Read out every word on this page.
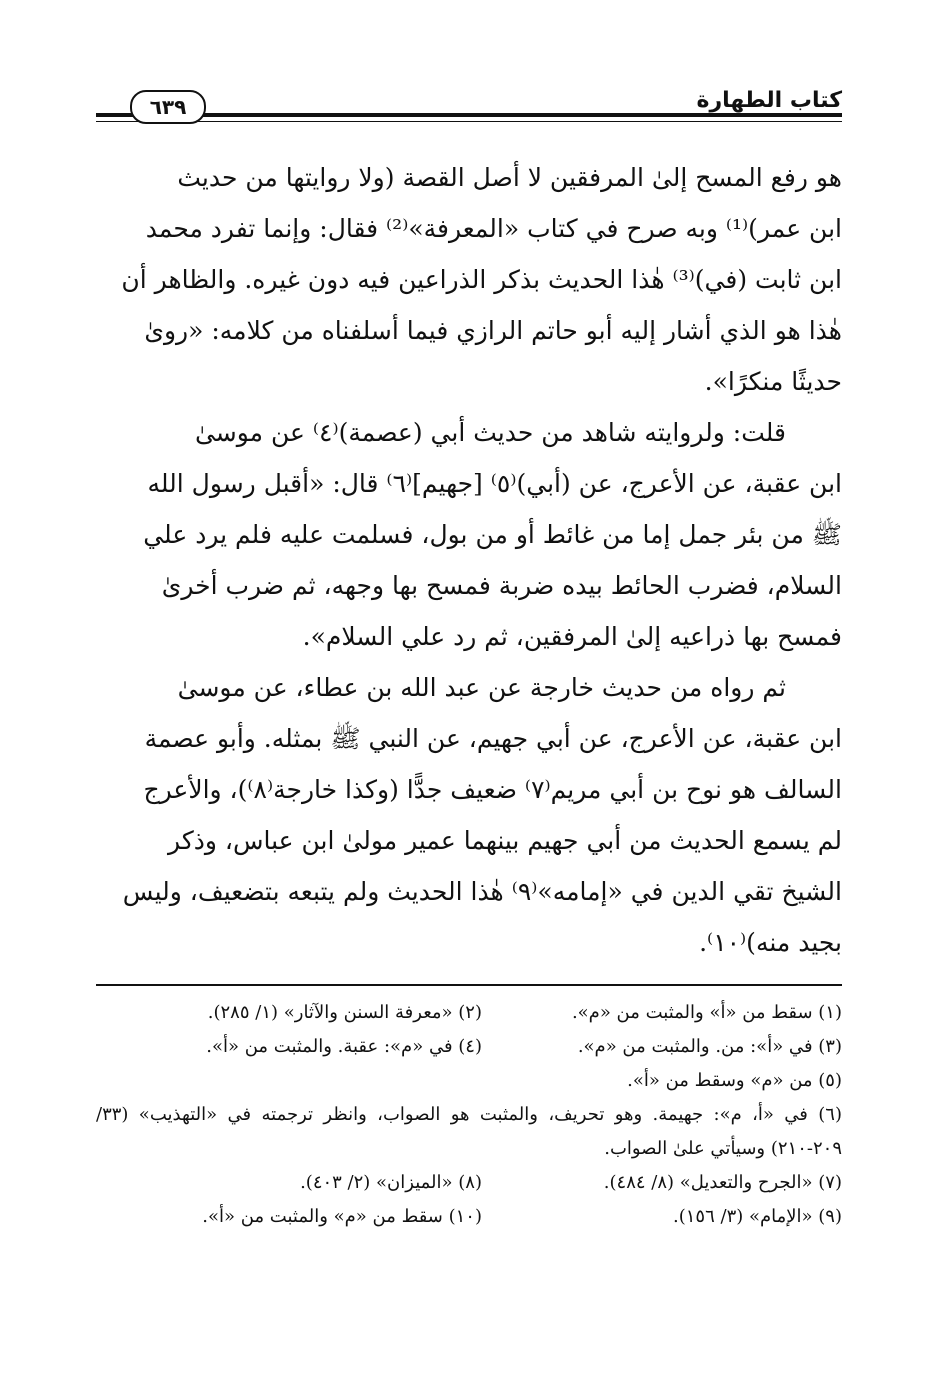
كتاب الطهارة
٦٣٩
هو رفع المسح إلىٰ المرفقين لا أصل القصة (ولا روايتها من حديث
ابن عمر)⁽¹⁾ وبه صرح في كتاب «المعرفة»⁽²⁾ فقال: وإنما تفرد محمد
ابن ثابت (في)⁽³⁾ هٰذا الحديث بذكر الذراعين فيه دون غيره. والظاهر أن
هٰذا هو الذي أشار إليه أبو حاتم الرازي فيما أسلفناه من كلامه: «روىٰ
حديثًا منكرًا».
قلت: ولروايته شاهد من حديث أبي (عصمة)⁽٤⁾ عن موسىٰ
ابن عقبة، عن الأعرج، عن (أبي)⁽٥⁾ [جهيم]⁽٦⁾ قال: «أقبل رسول الله
ﷺ من بئر جمل إما من غائط أو من بول، فسلمت عليه فلم يرد علي
السلام، فضرب الحائط بيده ضربة فمسح بها وجهه، ثم ضرب أخرىٰ
فمسح بها ذراعيه إلىٰ المرفقين، ثم رد علي السلام».
ثم رواه من حديث خارجة عن عبد الله بن عطاء، عن موسىٰ
ابن عقبة، عن الأعرج، عن أبي جهيم، عن النبي ﷺ بمثله. وأبو عصمة
السالف هو نوح بن أبي مريم⁽٧⁾ ضعيف جدًّا (وكذا خارجة⁽٨⁾)، والأعرج
لم يسمع الحديث من أبي جهيم بينهما عمير مولىٰ ابن عباس، وذكر
الشيخ تقي الدين في «إمامه»⁽٩⁾ هٰذا الحديث ولم يتبعه بتضعيف، وليس
بجيد منه)⁽١٠⁾.
(١) سقط من «أ» والمثبت من «م».
(٢) «معرفة السنن والآثار» (١/ ٢٨٥).
(٣) في «أ»: من. والمثبت من «م».
(٤) في «م»: عقبة. والمثبت من «أ».
(٥) من «م» وسقط من «أ».
(٦) في «أ، م»: جهيمة. وهو تحريف، والمثبت هو الصواب، وانظر ترجمته في «التهذيب» (٣٣/ ٢٠٩-٢١٠) وسيأتي علىٰ الصواب.
(٧) «الجرح والتعديل» (٨/ ٤٨٤).
(٨) «الميزان» (٢/ ٤٠٣).
(٩) «الإمام» (٣/ ١٥٦).
(١٠) سقط من «م» والمثبت من «أ».
